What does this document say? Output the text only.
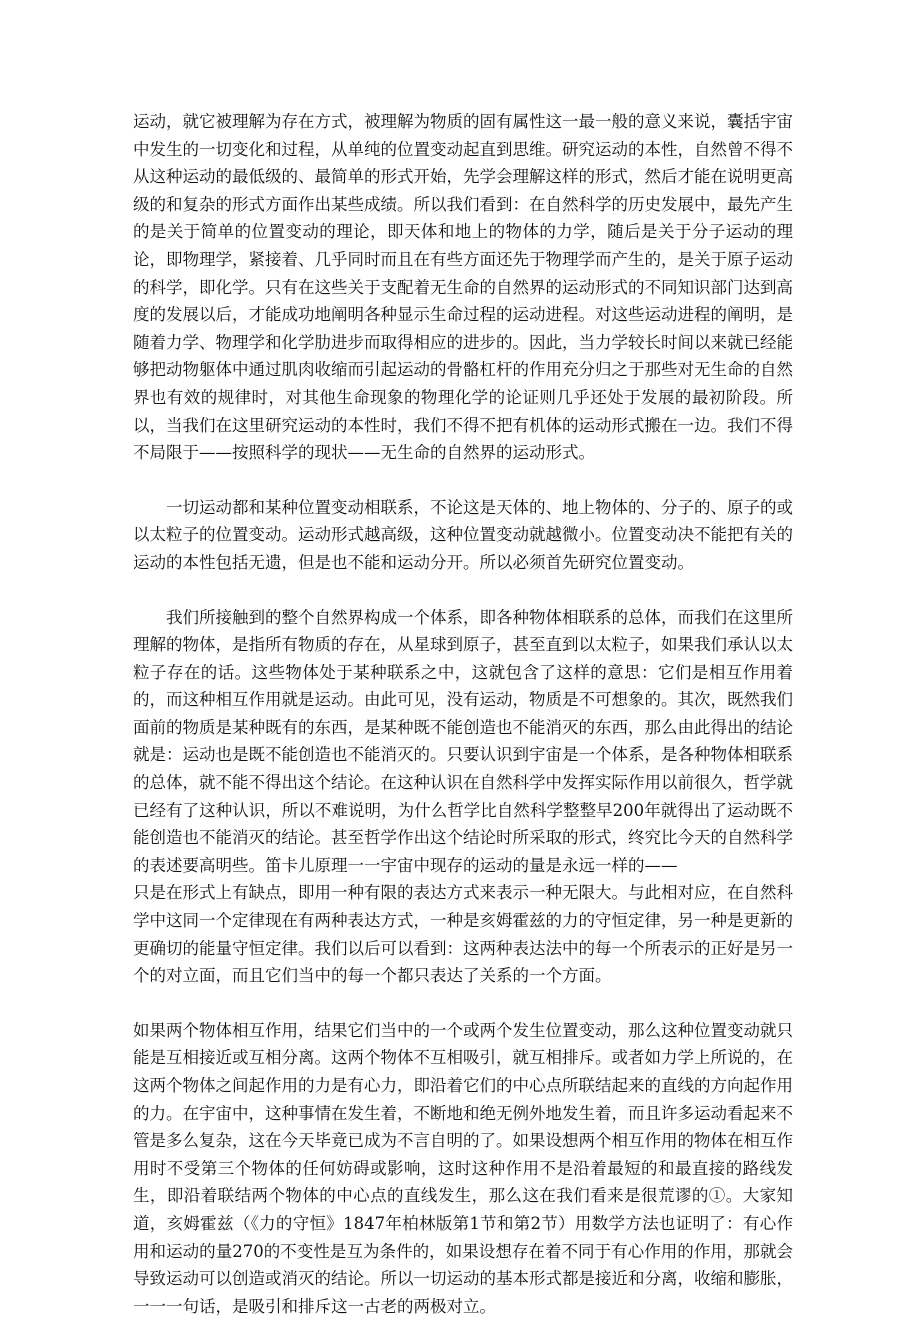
运动，就它被理解为存在方式，被理解为物质的固有属性这一最一般的意义来说，囊括宇宙中发生的一切变化和过程，从单纯的位置变动起直到思维。研究运动的本性，自然曾不得不从这种运动的最低级的、最简单的形式开始，先学会理解这样的形式，然后才能在说明更高级的和复杂的形式方面作出某些成绩。所以我们看到：在自然科学的历史发展中，最先产生的是关于简单的位置变动的理论，即天体和地上的物体的力学，随后是关于分子运动的理论，即物理学，紧接着、几乎同时而且在有些方面还先于物理学而产生的，是关于原子运动的科学，即化学。只有在这些关于支配着无生命的自然界的运动形式的不同知识部门达到高度的发展以后，才能成功地阐明各种显示生命过程的运动进程。对这些运动进程的阐明，是随着力学、物理学和化学肋进步而取得相应的进步的。因此，当力学较长时间以来就已经能够把动物躯体中通过肌肉收缩而引起运动的骨骼杠杆的作用充分归之于那些对无生命的自然界也有效的规律时，对其他生命现象的物理化学的论证则几乎还处于发展的最初阶段。所以，当我们在这里研究运动的本性时，我们不得不把有机体的运动形式搬在一边。我们不得不局限于——按照科学的现状——无生命的自然界的运动形式。

一切运动都和某种位置变动相联系，不论这是天体的、地上物体的、分子的、原子的或以太粒子的位置变动。运动形式越高级，这种位置变动就越微小。位置变动决不能把有关的运动的本性包括无遗，但是也不能和运动分开。所以必须首先研究位置变动。

我们所接触到的整个自然界构成一个体系，即各种物体相联系的总体，而我们在这里所理解的物体，是指所有物质的存在，从星球到原子，甚至直到以太粒子，如果我们承认以太粒子存在的话。这些物体处于某种联系之中，这就包含了这样的意思：它们是相互作用着的，而这种相互作用就是运动。由此可见，没有运动，物质是不可想象的。其次，既然我们面前的物质是某种既有的东西，是某种既不能创造也不能消灭的东西，那么由此得出的结论就是：运动也是既不能创造也不能消灭的。只要认识到宇宙是一个体系，是各种物体相联系的总体，就不能不得出这个结论。在这种认识在自然科学中发挥实际作用以前很久，哲学就已经有了这种认识，所以不难说明，为什么哲学比自然科学整整早200年就得出了运动既不能创造也不能消灭的结论。甚至哲学作出这个结论时所采取的形式，终究比今天的自然科学的表述要高明些。笛卡儿原理一一宇宙中现存的运动的量是永远一样的——

只是在形式上有缺点，即用一种有限的表达方式来表示一种无限大。与此相对应，在自然科学中这同一个定律现在有两种表达方式，一种是亥姆霍兹的力的守恒定律，另一种是更新的更确切的能量守恒定律。我们以后可以看到：这两种表达法中的每一个所表示的正好是另一个的对立面，而且它们当中的每一个都只表达了关系的一个方面。

如果两个物体相互作用，结果它们当中的一个或两个发生位置变动，那么这种位置变动就只能是互相接近或互相分离。这两个物体不互相吸引，就互相排斥。或者如力学上所说的，在这两个物体之间起作用的力是有心力，即沿着它们的中心点所联结起来的直线的方向起作用的力。在宇宙中，这种事情在发生着，不断地和绝无例外地发生着，而且许多运动看起来不管是多么复杂，这在今天毕竟已成为不言自明的了。如果设想两个相互作用的物体在相互作用时不受第三个物体的任何妨碍或影响，这时这种作用不是沿着最短的和最直接的路线发生，即沿着联结两个物体的中心点的直线发生，那么这在我们看来是很荒谬的①。大家知道，亥姆霍兹（《力的守恒》1847年柏林版第1节和第2节）用数学方法也证明了：有心作用和运动的量270的不变性是互为条件的，如果设想存在着不同于有心作用的作用，那就会导致运动可以创造或消灭的结论。所以一切运动的基本形式都是接近和分离，收缩和膨胀，一一一句话，是吸引和排斥这一古老的两极对立。
